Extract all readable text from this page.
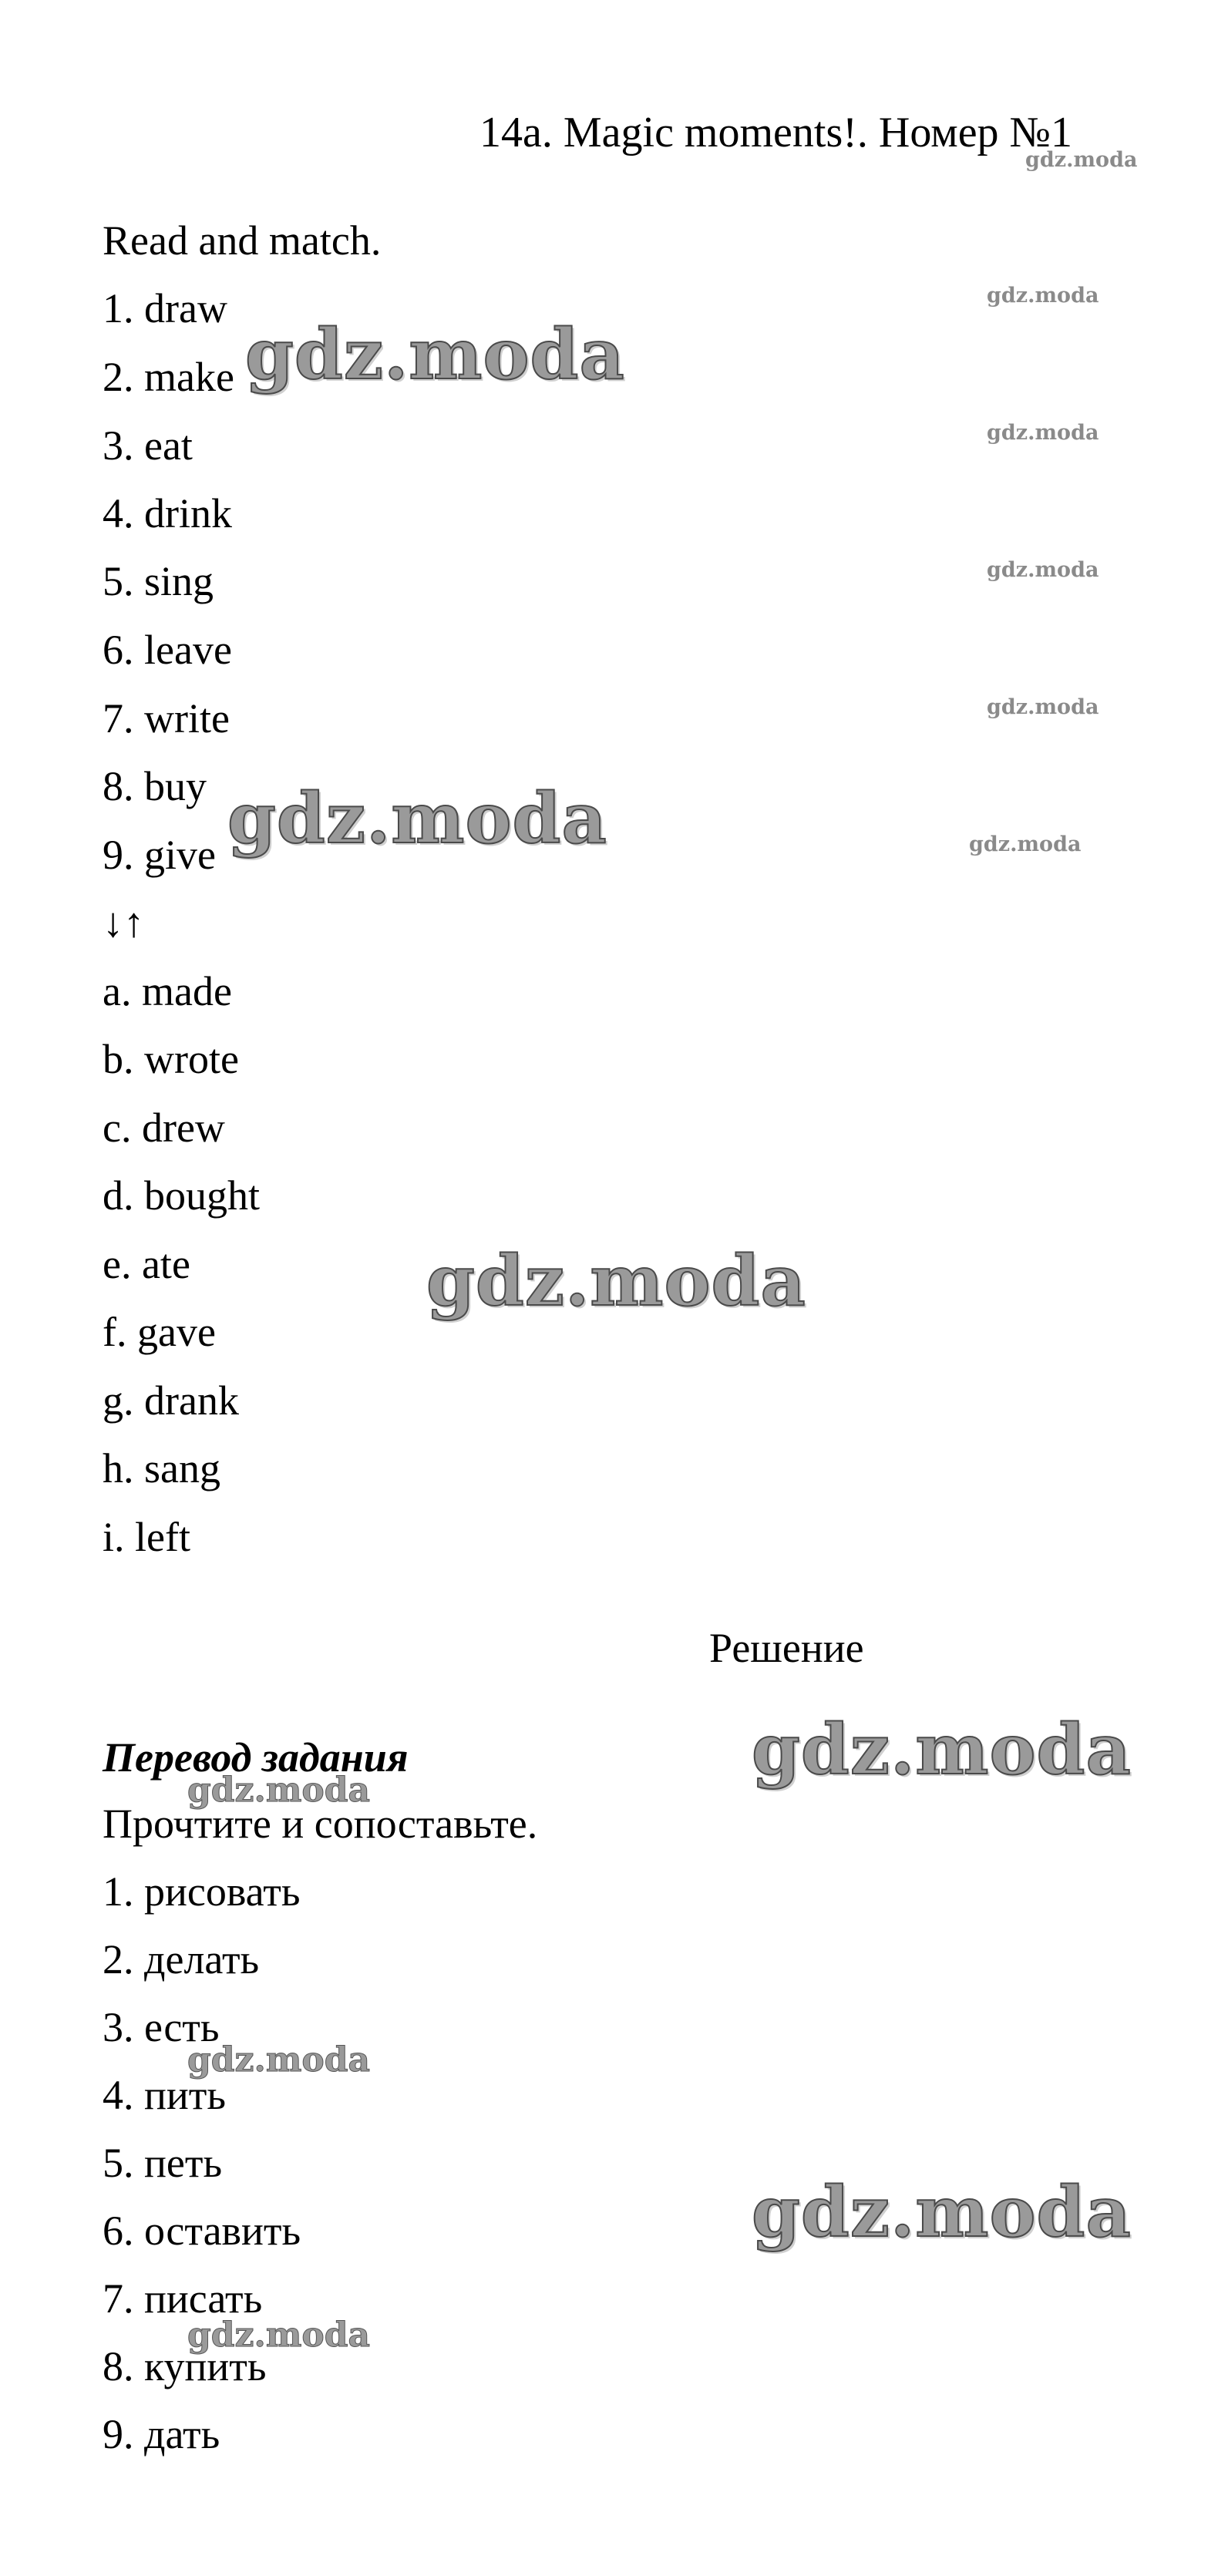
14a. Magic moments!. Номер №1
Read and match.
1. draw
2. make
3. eat
4. drink
5. sing
6. leave
7. write
8. buy
9. give
↓↑
a. made
b. wrote
c. drew
d. bought
e. ate
f. gave
g. drank
h. sang
i. left
Решение
Перевод задания
Прочтите и сопоставьте.
1. рисовать
2. делать
3. есть
4. пить
5. петь
6. оставить
7. писать
8. купить
9. дать
gdz.moda
gdz.moda
gdz.moda
gdz.moda
gdz.moda
gdz.moda
gdz.moda
gdz.moda
gdz.moda
gdz.moda
gdz.moda
gdz.moda
gdz.moda
gdz.moda
